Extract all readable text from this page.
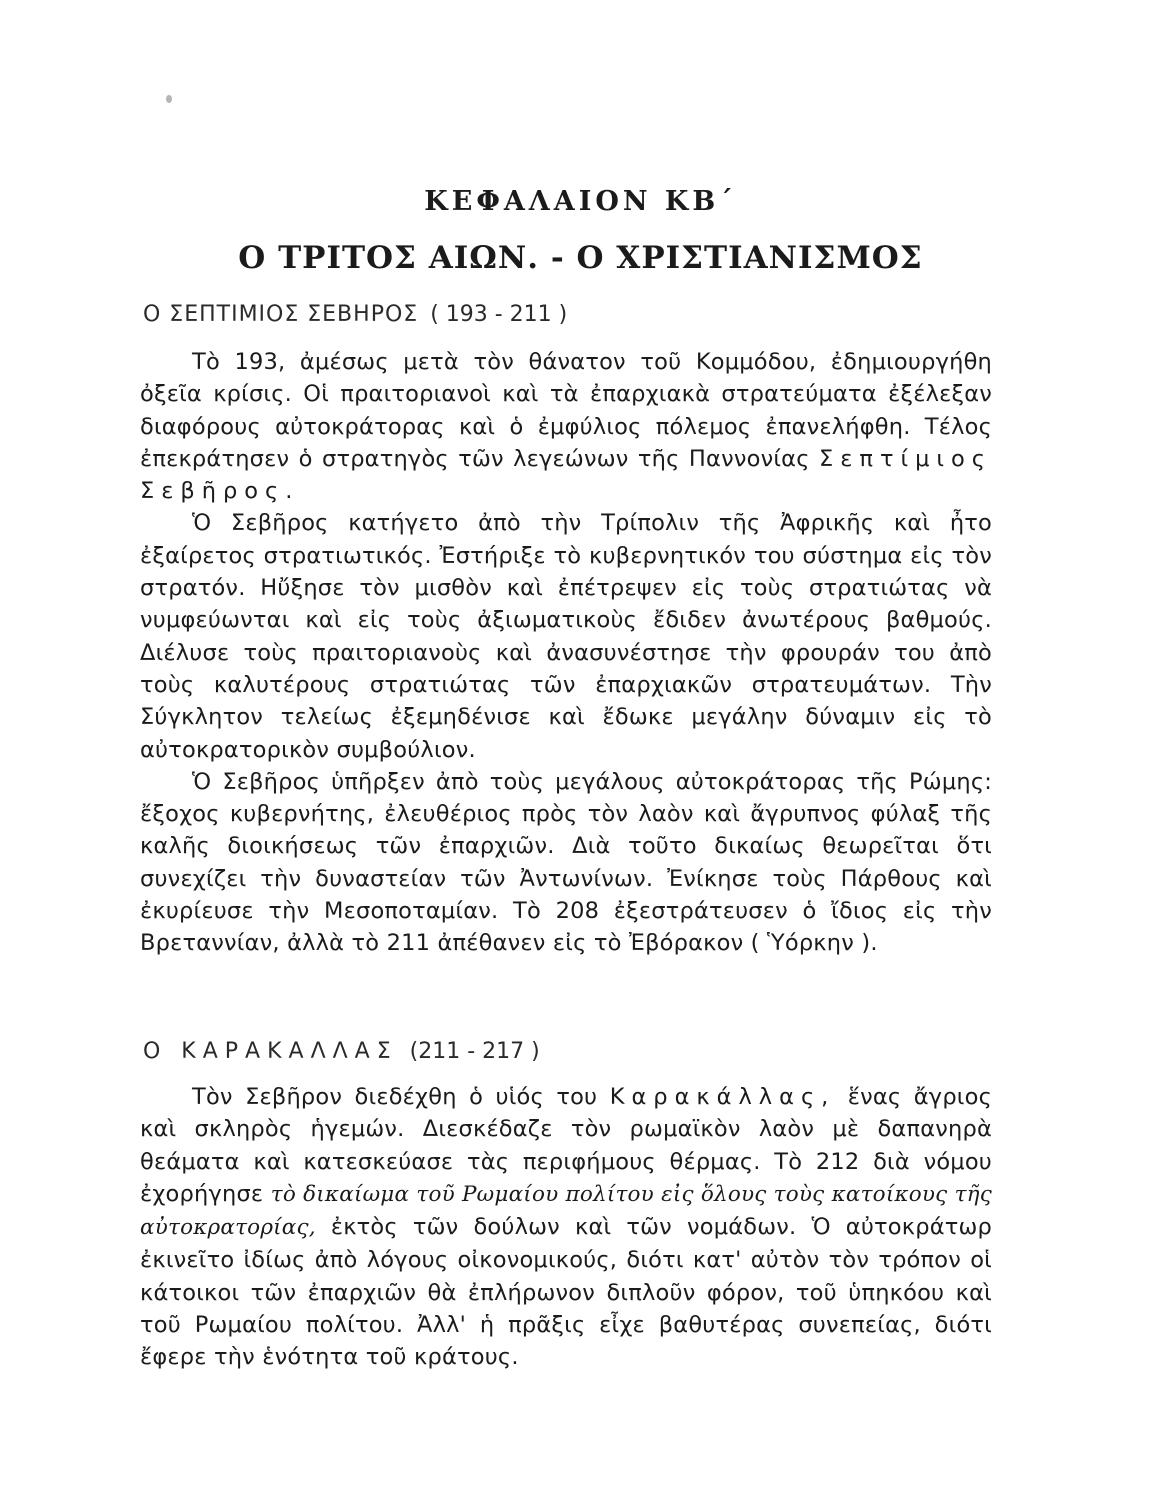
ΚΕΦΑΛΑΙΟΝ ΚΒ΄
Ο ΤΡΙΤΟΣ ΑΙΩΝ. - Ο ΧΡΙΣΤΙΑΝΙΣΜΟΣ
Ο ΣΕΠΤΙΜΙΟΣ ΣΕΒΗΡΟΣ ( 193 - 211 )

Τὸ 193, ἀμέσως μετὰ τὸν θάνατον τοῦ Κομμόδου, ἐδημιουργήθη ὀξεῖα κρίσις. Οἱ πραιτοριανοὶ καὶ τὰ ἐπαρχιακὰ στρατεύματα ἐξέλεξαν διαφόρους αὐτοκράτορας καὶ ὁ ἐμφύλιος πόλεμος ἐπανελήφθη. Τέλος ἐπεκράτησεν ὁ στρατηγὸς τῶν λεγεώνων τῆς Παννονίας Σεπτίμιος Σεβῆρος.

Ὁ Σεβῆρος κατήγετο ἀπὸ τὴν Τρίπολιν τῆς Ἀφρικῆς καὶ ἦτο ἐξαίρετος στρατιωτικός. Ἐστήριξε τὸ κυβερνητικόν του σύστημα εἰς τὸν στρατόν. Ηὔξησε τὸν μισθὸν καὶ ἐπέτρεψεν εἰς τοὺς στρατιώτας νὰ νυμφεύωνται καὶ εἰς τοὺς ἀξιωματικοὺς ἔδιδεν ἀνωτέρους βαθμούς. Διέλυσε τοὺς πραιτοριανοὺς καὶ ἀνασυνέστησε τὴν φρουράν του ἀπὸ τοὺς καλυτέρους στρατιώτας τῶν ἐπαρχιακῶν στρατευμάτων. Τὴν Σύγκλητον τελείως ἐξεμηδένισε καὶ ἔδωκε μεγάλην δύναμιν εἰς τὸ αὐτοκρατορικὸν συμβούλιον.

Ὁ Σεβῆρος ὑπῆρξεν ἀπὸ τοὺς μεγάλους αὐτοκράτορας τῆς Ρώμης: ἔξοχος κυβερνήτης, ἐλευθέριος πρὸς τὸν λαὸν καὶ ἄγρυπνος φύλαξ τῆς καλῆς διοικήσεως τῶν ἐπαρχιῶν. Διὰ τοῦτο δικαίως θεωρεῖται ὅτι συνεχίζει τὴν δυναστείαν τῶν Ἀντωνίνων. Ἐνίκησε τοὺς Πάρθους καὶ ἐκυρίευσε τὴν Μεσοποταμίαν. Τὸ 208 ἐξεστράτευσεν ὁ ἴδιος εἰς τὴν Βρεταννίαν, ἀλλὰ τὸ 211 ἀπέθανεν εἰς τὸ Ἐβόρακον ( Ὑόρκην ).

Ο ΚΑΡΑΚΑΛΛΑΣ (211 - 217 )

Τὸν Σεβῆρον διεδέχθη ὁ υἱός του Καρακάλλας, ἕνας ἄγριος καὶ σκληρὸς ἡγεμών. Διεσκέδαζε τὸν ρωμαϊκὸν λαὸν μὲ δαπανηρὰ θεάματα καὶ κατεσκεύασε τὰς περιφήμους θέρμας. Τὸ 212 διὰ νόμου ἐχορήγησε τὸ δικαίωμα τοῦ Ρωμαίου πολίτου εἰς ὅλους τοὺς κατοίκους τῆς αὐτοκρατορίας, ἐκτὸς τῶν δούλων καὶ τῶν νομάδων. Ὁ αὐτοκράτωρ ἐκινεῖτο ἰδίως ἀπὸ λόγους οἰκονομικούς, διότι κατ' αὐτὸν τὸν τρόπον οἱ κάτοικοι τῶν ἐπαρχιῶν θὰ ἐπλήρωνον διπλοῦν φόρον, τοῦ ὑπηκόου καὶ τοῦ Ρωμαίου πολίτου. Ἀλλ' ἡ πρᾶξις εἶχε βαθυτέρας συνεπείας, διότι ἔφερε τὴν ἑνότητα τοῦ κράτους.
